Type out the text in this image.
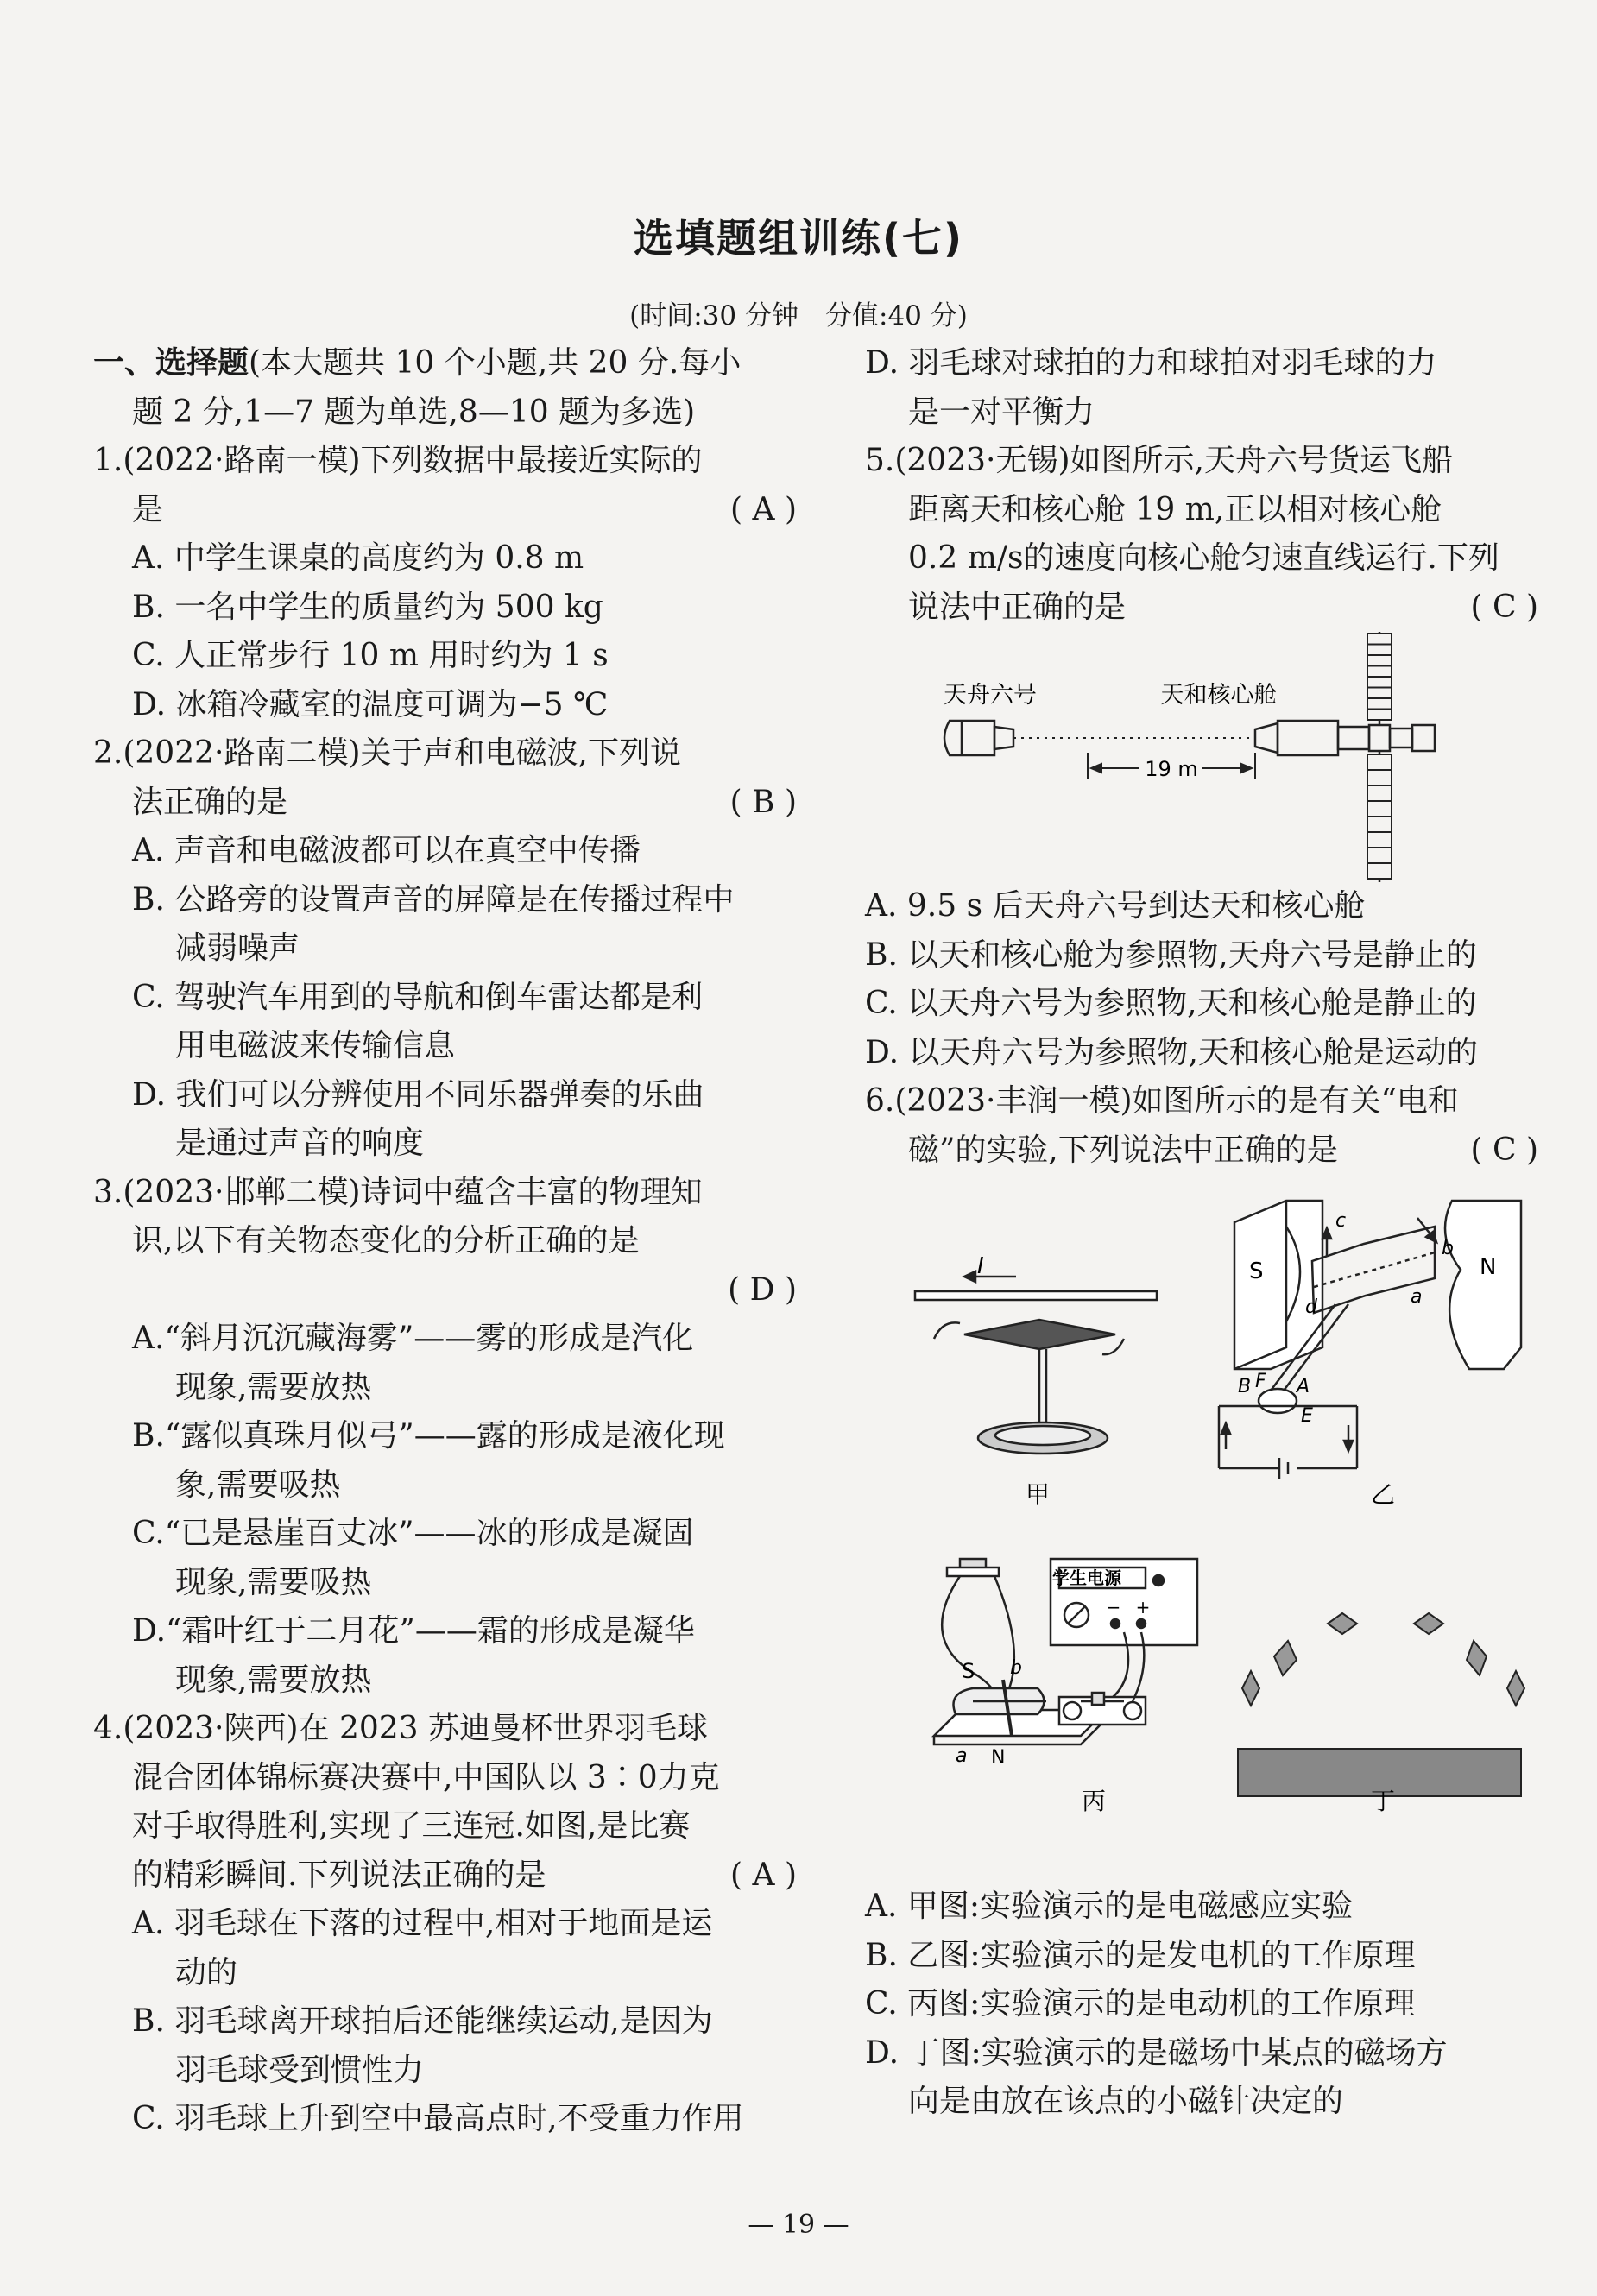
选填题组训练(七)
(时间:30 分钟　分值:40 分)
一、选择题(本大题共 10 个小题,共 20 分.每小
题 2 分,1—7 题为单选,8—10 题为多选)
1.(2022·路南一模)下列数据中最接近实际的
是	( A )
A. 中学生课桌的高度约为 0.8 m
B. 一名中学生的质量约为 500 kg
C. 人正常步行 10 m 用时约为 1 s
D. 冰箱冷藏室的温度可调为−5 ℃
2.(2022·路南二模)关于声和电磁波,下列说
法正确的是	( B )
A. 声音和电磁波都可以在真空中传播
B. 公路旁的设置声音的屏障是在传播过程中
减弱噪声
C. 驾驶汽车用到的导航和倒车雷达都是利
用电磁波来传输信息
D. 我们可以分辨使用不同乐器弹奏的乐曲
是通过声音的响度
3.(2023·邯郸二模)诗词中蕴含丰富的物理知
识,以下有关物态变化的分析正确的是
( D )

A.“斜月沉沉藏海雾”——雾的形成是汽化
现象,需要放热
B.“露似真珠月似弓”——露的形成是液化现
象,需要吸热
C.“已是悬崖百丈冰”——冰的形成是凝固
现象,需要吸热
D.“霜叶红于二月花”——霜的形成是凝华
现象,需要放热
4.(2023·陕西)在 2023 苏迪曼杯世界羽毛球
混合团体锦标赛决赛中,中国队以 3∶0力克
对手取得胜利,实现了三连冠.如图,是比赛
的精彩瞬间.下列说法正确的是	( A )
A. 羽毛球在下落的过程中,相对于地面是运
动的
B. 羽毛球离开球拍后还能继续运动,是因为
羽毛球受到惯性力
C. 羽毛球上升到空中最高点时,不受重力作用
D. 羽毛球对球拍的力和球拍对羽毛球的力
是一对平衡力
5.(2023·无锡)如图所示,天舟六号货运飞船
距离天和核心舱 19 m,正以相对核心舱
0.2 m/s的速度向核心舱匀速直线运行.下列
说法中正确的是	( C )
天舟六号	天和核心舱
19 m
A. 9.5 s 后天舟六号到达天和核心舱
B. 以天和核心舱为参照物,天舟六号是静止的
C. 以天舟六号为参照物,天和核心舱是静止的
D. 以天舟六号为参照物,天和核心舱是运动的
6.(2023·丰润一模)如图所示的是有关“电和
磁”的实验,下列说法中正确的是	( C )
I
甲
S	N
c
b
d	a
B F A
E
乙
学生电源
− +
S b
a N
丙	丁
A. 甲图:实验演示的是电磁感应实验
B. 乙图:实验演示的是发电机的工作原理
C. 丙图:实验演示的是电动机的工作原理
D. 丁图:实验演示的是磁场中某点的磁场方
向是由放在该点的小磁针决定的
— 19 —
